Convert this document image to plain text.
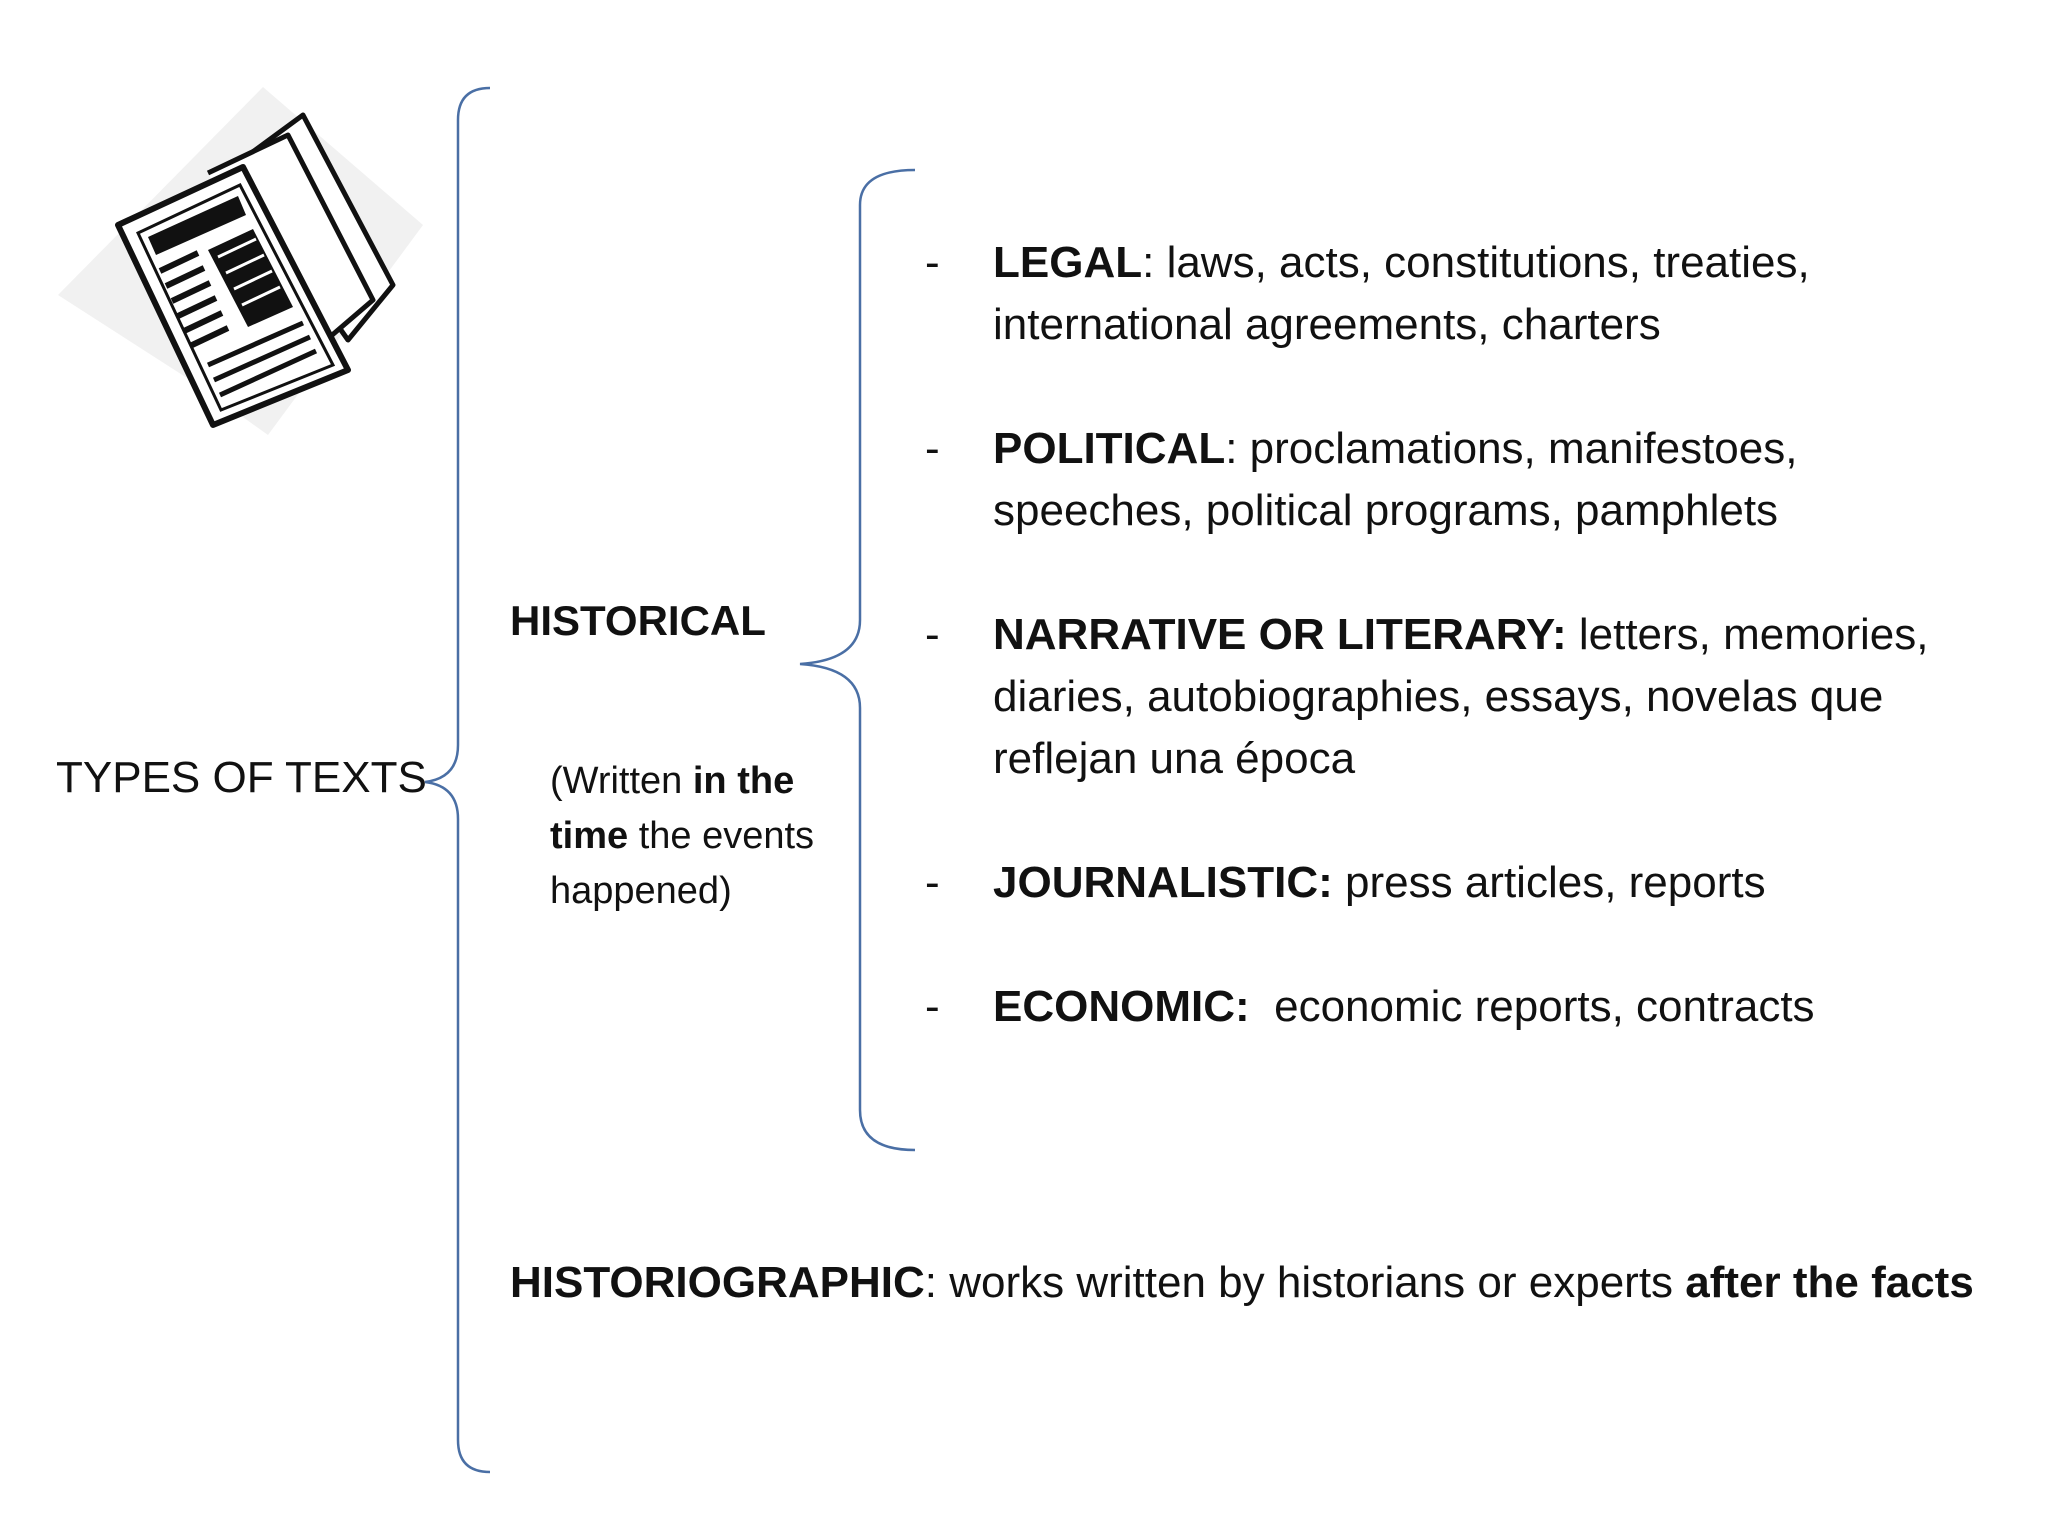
TYPES OF TEXTS
HISTORICAL
(Written in the time the events happened)
- LEGAL: laws, acts, constitutions, treaties, international agreements, charters
- POLITICAL: proclamations, manifestoes, speeches, political programs, pamphlets
- NARRATIVE OR LITERARY: letters, memories, diaries, autobiographies, essays, novelas que reflejan una época
- JOURNALISTIC: press articles, reports
- ECONOMIC: economic reports, contracts
HISTORIOGRAPHIC: works written by historians or experts after the facts
